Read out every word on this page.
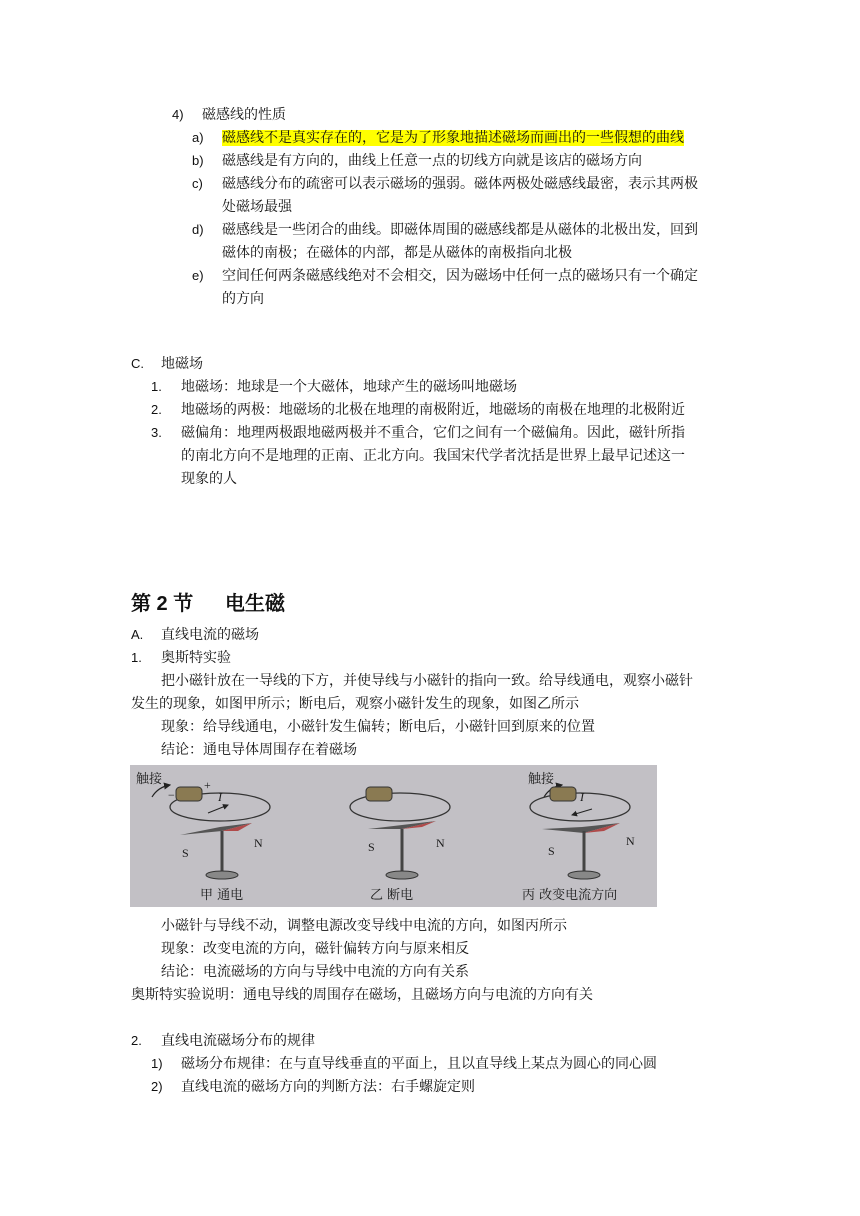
4) 磁感线的性质
a) 磁感线不是真实存在的，它是为了形象地描述磁场而画出的一些假想的曲线
b) 磁感线是有方向的，曲线上任意一点的切线方向就是该店的磁场方向
c) 磁感线分布的疏密可以表示磁场的强弱。磁体两极处磁感线最密，表示其两极
处磁场最强
d) 磁感线是一些闭合的曲线。即磁体周围的磁感线都是从磁体的北极出发，回到
磁体的南极；在磁体的内部，都是从磁体的南极指向北极
e) 空间任何两条磁感线绝对不会相交，因为磁场中任何一点的磁场只有一个确定
的方向
C. 地磁场
1. 地磁场：地球是一个大磁体，地球产生的磁场叫地磁场
2. 地磁场的两极：地磁场的北极在地理的南极附近，地磁场的南极在地理的北极附近
3. 磁偏角：地理两极跟地磁两极并不重合，它们之间有一个磁偏角。因此，磁针所指
的南北方向不是地理的正南、正北方向。我国宋代学者沈括是世界上最早记述这一
现象的人
第 2 节 电生磁
A. 直线电流的磁场
1. 奥斯特实验
把小磁针放在一导线的下方，并使导线与小磁针的指向一致。给导线通电，观察小磁针
发生的现象，如图甲所示；断电后，观察小磁针发生的现象，如图乙所示
现象：给导线通电，小磁针发生偏转；断电后，小磁针回到原来的位置
结论：通电导体周围存在着磁场
触接	+
−	I
S
N
甲 通电
S	N
乙 断电
触接
I
S
N
丙 改变电流方向
小磁针与导线不动，调整电源改变导线中电流的方向，如图丙所示
现象：改变电流的方向，磁针偏转方向与原来相反
结论：电流磁场的方向与导线中电流的方向有关系
奥斯特实验说明：通电导线的周围存在磁场，且磁场方向与电流的方向有关
2. 直线电流磁场分布的规律
1) 磁场分布规律：在与直导线垂直的平面上，且以直导线上某点为圆心的同心圆
2) 直线电流的磁场方向的判断方法：右手螺旋定则
